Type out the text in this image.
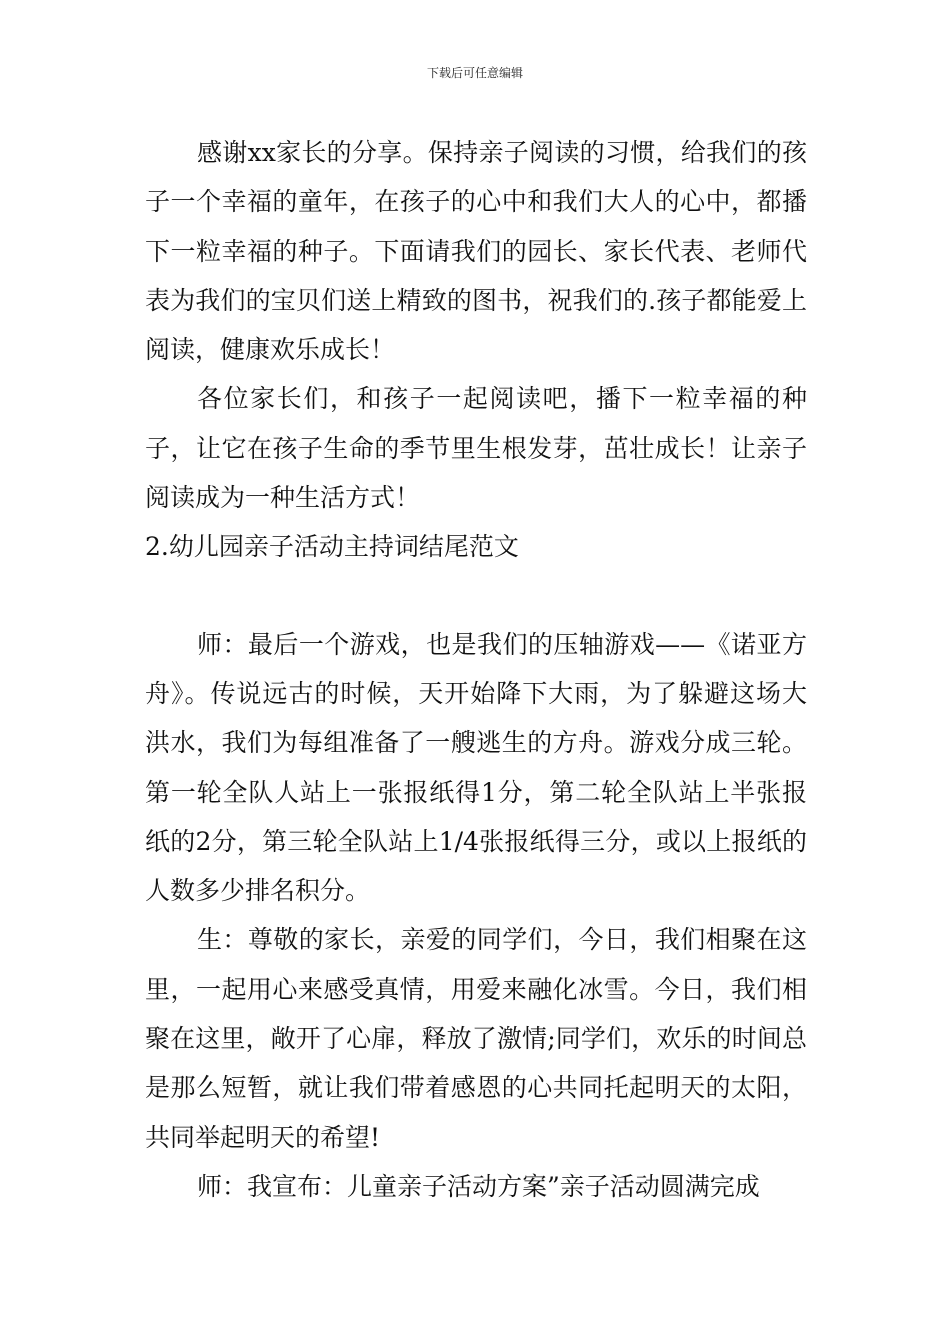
下载后可任意编辑

感谢xx家长的分享。保持亲子阅读的习惯，给我们的孩子一个幸福的童年，在孩子的心中和我们大人的心中，都播下一粒幸福的种子。下面请我们的园长、家长代表、老师代表为我们的宝贝们送上精致的图书，祝我们的.孩子都能爱上阅读，健康欢乐成长！

各位家长们，和孩子一起阅读吧，播下一粒幸福的种子，让它在孩子生命的季节里生根发芽，茁壮成长！让亲子阅读成为一种生活方式！

2.幼儿园亲子活动主持词结尾范文

师：最后一个游戏，也是我们的压轴游戏——《诺亚方舟》。传说远古的时候，天开始降下大雨，为了躲避这场大洪水，我们为每组准备了一艘逃生的方舟。游戏分成三轮。第一轮全队人站上一张报纸得1分，第二轮全队站上半张报纸的2分，第三轮全队站上1/4张报纸得三分，或以上报纸的人数多少排名积分。

生：尊敬的家长，亲爱的同学们，今日，我们相聚在这里，一起用心来感受真情，用爱来融化冰雪。今日，我们相聚在这里，敞开了心扉，释放了激情;同学们，欢乐的时间总是那么短暂，就让我们带着感恩的心共同托起明天的太阳，共同举起明天的希望!

师：我宣布：儿童亲子活动方案”亲子活动圆满完成
